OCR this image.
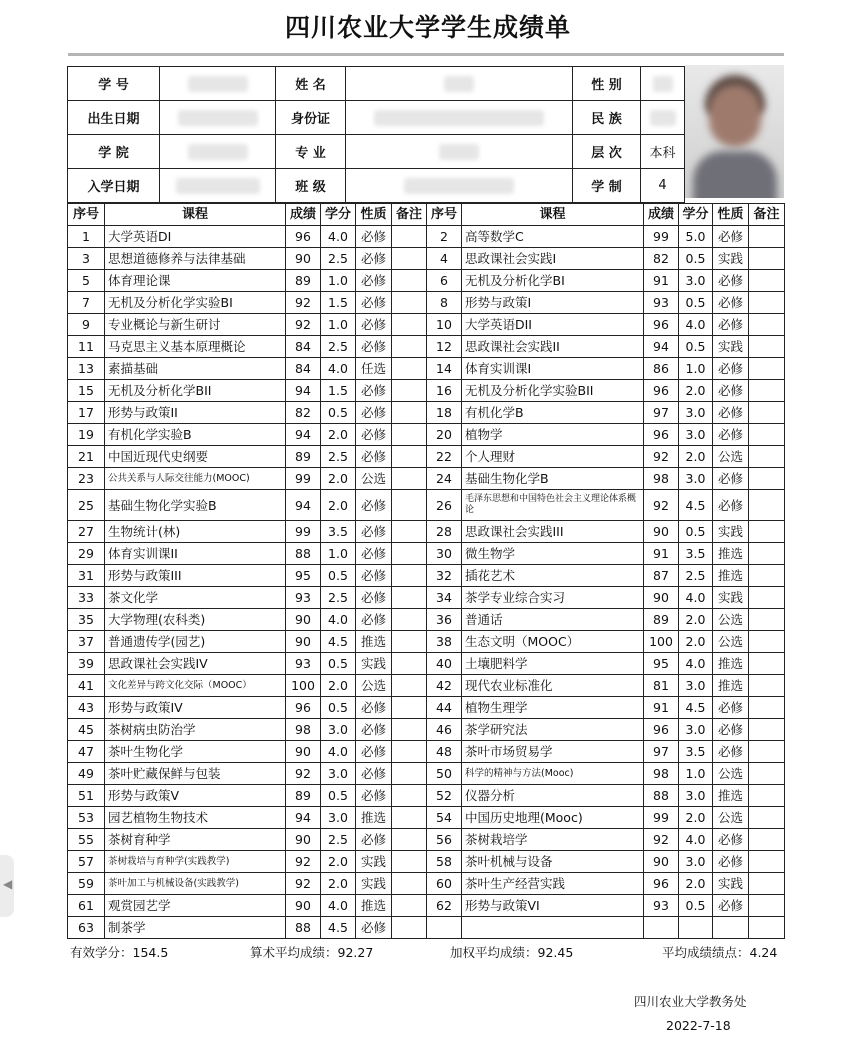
四川农业大学学生成绩单
学 号		姓 名		性 别	
出生日期		身份证		民 族	
学 院		专 业		层 次	本科
入学日期		班 级		学 制	4
序号	课程	成绩	学分	性质	备注	序号	课程	成绩	学分	性质	备注
1	大学英语DI	96	4.0	必修		2	高等数学C	99	5.0	必修	
3	思想道德修养与法律基础	90	2.5	必修		4	思政课社会实践I	82	0.5	实践	
5	体育理论课	89	1.0	必修		6	无机及分析化学BI	91	3.0	必修	
7	无机及分析化学实验BI	92	1.5	必修		8	形势与政策I	93	0.5	必修	
9	专业概论与新生研讨	92	1.0	必修		10	大学英语DII	96	4.0	必修	
11	马克思主义基本原理概论	84	2.5	必修		12	思政课社会实践II	94	0.5	实践	
13	素描基础	84	4.0	任选		14	体育实训课I	86	1.0	必修	
15	无机及分析化学BII	94	1.5	必修		16	无机及分析化学实验BII	96	2.0	必修	
17	形势与政策II	82	0.5	必修		18	有机化学B	97	3.0	必修	
19	有机化学实验B	94	2.0	必修		20	植物学	96	3.0	必修	
21	中国近现代史纲要	89	2.5	必修		22	个人理财	92	2.0	公选	
23	公共关系与人际交往能力(MOOC)	99	2.0	公选		24	基础生物化学B	98	3.0	必修	
25	基础生物化学实验B	94	2.0	必修		26	毛泽东思想和中国特色社会主义理论体系概论	92	4.5	必修	
27	生物统计(林)	99	3.5	必修		28	思政课社会实践III	90	0.5	实践	
29	体育实训课II	88	1.0	必修		30	微生物学	91	3.5	推选	
31	形势与政策III	95	0.5	必修		32	插花艺术	87	2.5	推选	
33	茶文化学	93	2.5	必修		34	茶学专业综合实习	90	4.0	实践	
35	大学物理(农科类)	90	4.0	必修		36	普通话	89	2.0	公选	
37	普通遗传学(园艺)	90	4.5	推选		38	生态文明（MOOC）	100	2.0	公选	
39	思政课社会实践IV	93	0.5	实践		40	土壤肥料学	95	4.0	推选	
41	文化差异与跨文化交际（MOOC）	100	2.0	公选		42	现代农业标准化	81	3.0	推选	
43	形势与政策IV	96	0.5	必修		44	植物生理学	91	4.5	必修	
45	茶树病虫防治学	98	3.0	必修		46	茶学研究法	96	3.0	必修	
47	茶叶生物化学	90	4.0	必修		48	茶叶市场贸易学	97	3.5	必修	
49	茶叶贮藏保鲜与包装	92	3.0	必修		50	科学的精神与方法(Mooc)	98	1.0	公选	
51	形势与政策V	89	0.5	必修		52	仪器分析	88	3.0	推选	
53	园艺植物生物技术	94	3.0	推选		54	中国历史地理(Mooc)	99	2.0	公选	
55	茶树育种学	90	2.5	必修		56	茶树栽培学	92	4.0	必修	
57	茶树栽培与育种学(实践教学)	92	2.0	实践		58	茶叶机械与设备	90	3.0	必修	
59	茶叶加工与机械设备(实践教学)	92	2.0	实践		60	茶叶生产经营实践	96	2.0	实践	
61	观赏园艺学	90	4.0	推选		62	形势与政策VI	93	0.5	必修	
63	制茶学	88	4.5	必修							
有效学分：154.5	算术平均成绩：92.27	加权平均成绩：92.45	平均成绩绩点：4.24
四川农业大学教务处
2022-7-18
◀
